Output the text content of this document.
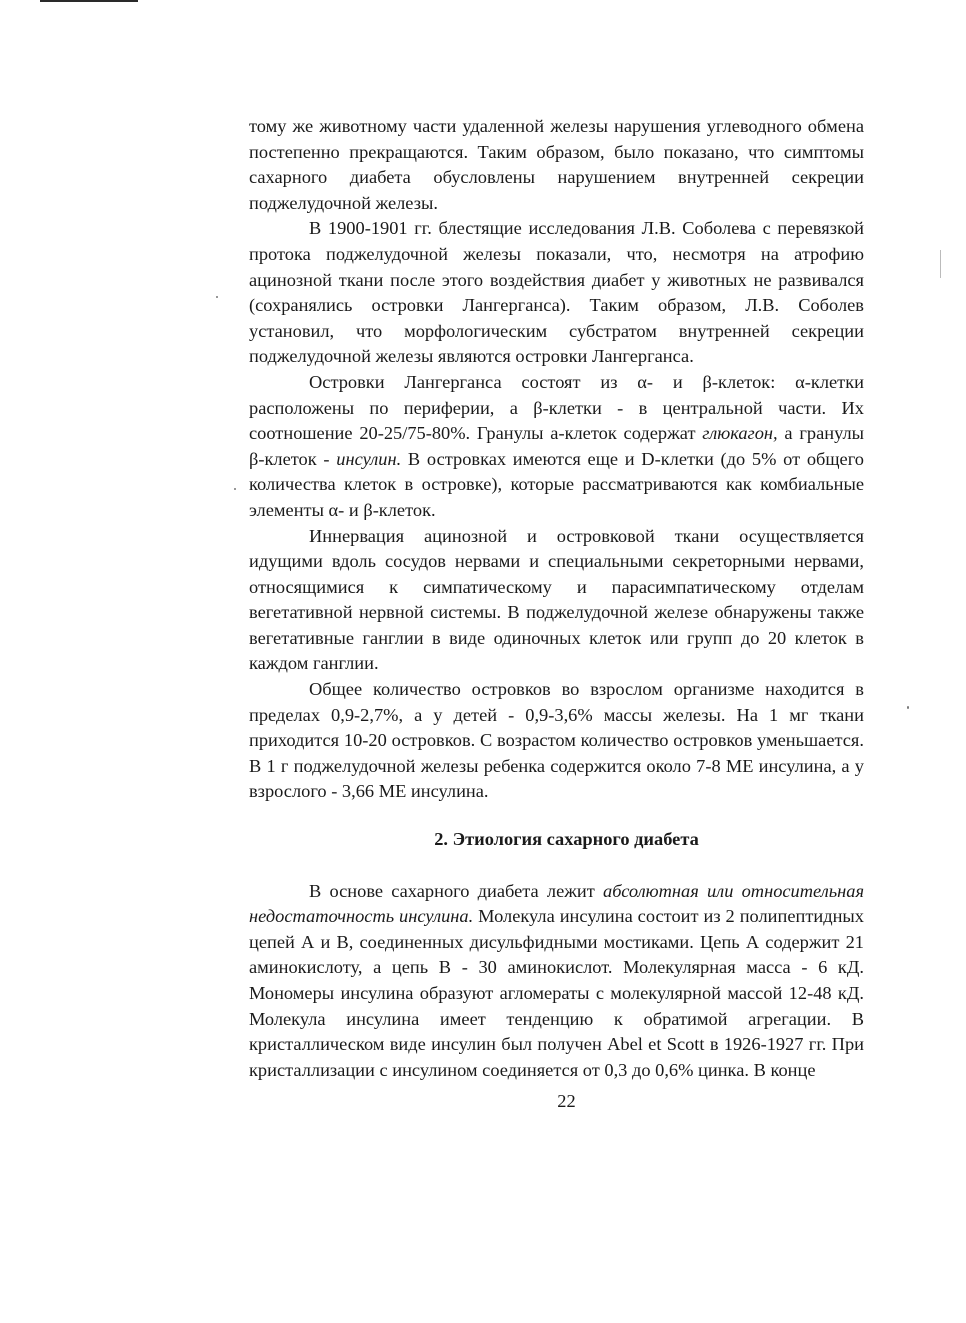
тому же животному части удаленной железы нарушения углеводного обмена постепенно прекращаются. Таким образом, было показано, что симптомы сахарного диабета обусловлены нарушением внутренней секреции поджелудочной железы.

В 1900-1901 гг. блестящие исследования Л.В. Соболева с перевязкой протока поджелудочной железы показали, что, несмотря на атрофию ацинозной ткани после этого воздействия диабет у животных не развивался (сохранялись островки Лангерганса). Таким образом, Л.В. Соболев установил, что морфологическим субстратом внутренней секреции поджелудочной железы являются островки Лангерганса.

Островки Лангерганса состоят из α- и β-клеток: α-клетки расположены по периферии, а β-клетки - в центральной части. Их соотношение 20-25/75-80%. Гранулы а-клеток содержат глюкагон, а гранулы β-клеток - инсулин. В островках имеются еще и D-клетки (до 5% от общего количества клеток в островке), которые рассматриваются как комбиальные элементы α- и β-клеток.

Иннервация ацинозной и островковой ткани осуществляется идущими вдоль сосудов нервами и специальными секреторными нервами, относящимися к симпатическому и парасимпатическому отделам вегетативной нервной системы. В поджелудочной железе обнаружены также вегетативные ганглии в виде одиночных клеток или групп до 20 клеток в каждом ганглии.

Общее количество островков во взрослом организме находится в пределах 0,9-2,7%, а у детей - 0,9-3,6% массы железы. На 1 мг ткани приходится 10-20 островков. С возрастом количество островков уменьшается. В 1 г поджелудочной железы ребенка содержится около 7-8 МЕ инсулина, а у взрослого - 3,66 МЕ инсулина.

2. Этиология сахарного диабета

В основе сахарного диабета лежит абсолютная или относительная недостаточность инсулина. Молекула инсулина состоит из 2 полипептидных цепей А и В, соединенных дисульфидными мостиками. Цепь А содержит 21 аминокислоту, а цепь В - 30 аминокислот. Молекулярная масса - 6 кД. Мономеры инсулина образуют агломераты с молекулярной массой 12-48 кД. Молекула инсулина имеет тенденцию к обратимой агрегации. В кристаллическом виде инсулин был получен Abel et Scott в 1926-1927 гг. При кристаллизации с инсулином соединяется от 0,3 до 0,6% цинка. В конце

22
